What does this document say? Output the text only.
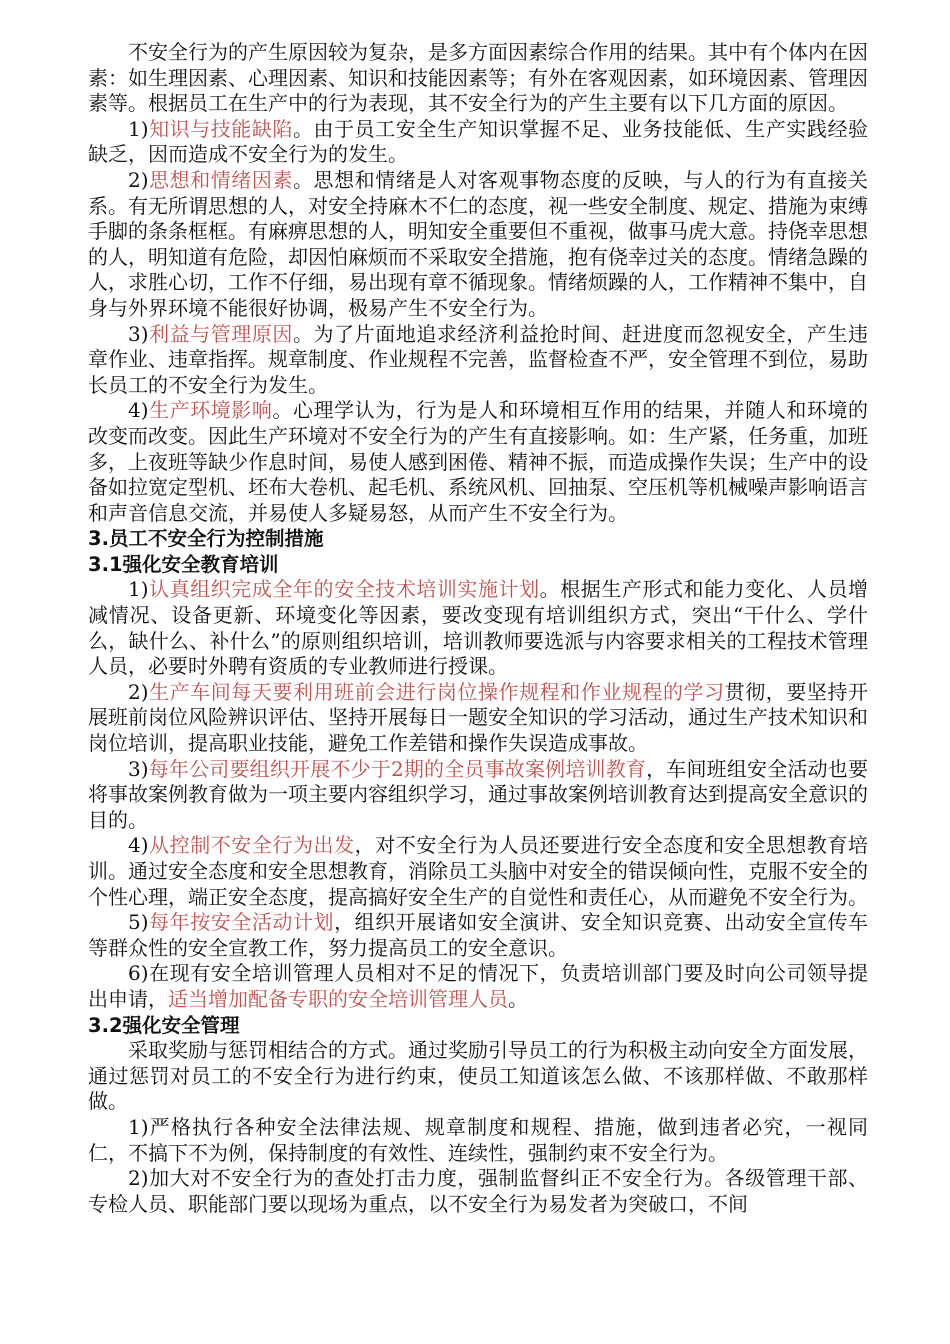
不安全行为的产生原因较为复杂，是多方面因素综合作用的结果。其中有个体内在因素：如生理因素、心理因素、知识和技能因素等；有外在客观因素，如环境因素、管理因素等。根据员工在生产中的行为表现，其不安全行为的产生主要有以下几方面的原因。

1)知识与技能缺陷。由于员工安全生产知识掌握不足、业务技能低、生产实践经验缺乏，因而造成不安全行为的发生。

2)思想和情绪因素。思想和情绪是人对客观事物态度的反映，与人的行为有直接关系。有无所谓思想的人，对安全持麻木不仁的态度，视一些安全制度、规定、措施为束缚手脚的条条框框。有麻痹思想的人，明知安全重要但不重视，做事马虎大意。持侥幸思想的人，明知道有危险，却因怕麻烦而不采取安全措施，抱有侥幸过关的态度。情绪急躁的人，求胜心切，工作不仔细，易出现有章不循现象。情绪烦躁的人，工作精神不集中，自身与外界环境不能很好协调，极易产生不安全行为。

3)利益与管理原因。为了片面地追求经济利益抢时间、赶进度而忽视安全，产生违章作业、违章指挥。规章制度、作业规程不完善，监督检查不严，安全管理不到位，易助长员工的不安全行为发生。

4)生产环境影响。心理学认为，行为是人和环境相互作用的结果，并随人和环境的改变而改变。因此生产环境对不安全行为的产生有直接影响。如：生产紧，任务重，加班多，上夜班等缺少作息时间，易使人感到困倦、精神不振，而造成操作失误；生产中的设备如拉宽定型机、坯布大卷机、起毛机、系统风机、回抽泵、空压机等机械噪声影响语言和声音信息交流，并易使人多疑易怒，从而产生不安全行为。

3.员工不安全行为控制措施

3.1强化安全教育培训

1)认真组织完成全年的安全技术培训实施计划。根据生产形式和能力变化、人员增减情况、设备更新、环境变化等因素，要改变现有培训组织方式，突出“干什么、学什么，缺什么、补什么”的原则组织培训，培训教师要选派与内容要求相关的工程技术管理人员，必要时外聘有资质的专业教师进行授课。

2)生产车间每天要利用班前会进行岗位操作规程和作业规程的学习贯彻，要坚持开展班前岗位风险辨识评估、坚持开展每日一题安全知识的学习活动，通过生产技术知识和岗位培训，提高职业技能，避免工作差错和操作失误造成事故。

3)每年公司要组织开展不少于2期的全员事故案例培训教育，车间班组安全活动也要将事故案例教育做为一项主要内容组织学习，通过事故案例培训教育达到提高安全意识的目的。

4)从控制不安全行为出发，对不安全行为人员还要进行安全态度和安全思想教育培训。通过安全态度和安全思想教育，消除员工头脑中对安全的错误倾向性，克服不安全的个性心理，端正安全态度，提高搞好安全生产的自觉性和责任心，从而避免不安全行为。

5)每年按安全活动计划，组织开展诸如安全演讲、安全知识竞赛、出动安全宣传车等群众性的安全宣教工作，努力提高员工的安全意识。

6)在现有安全培训管理人员相对不足的情况下，负责培训部门要及时向公司领导提出申请，适当增加配备专职的安全培训管理人员。

3.2强化安全管理

采取奖励与惩罚相结合的方式。通过奖励引导员工的行为积极主动向安全方面发展，通过惩罚对员工的不安全行为进行约束，使员工知道该怎么做、不该那样做、不敢那样做。

1)严格执行各种安全法律法规、规章制度和规程、措施，做到违者必究，一视同仁，不搞下不为例，保持制度的有效性、连续性，强制约束不安全行为。

2)加大对不安全行为的查处打击力度，强制监督纠正不安全行为。各级管理干部、专检人员、职能部门要以现场为重点，以不安全行为易发者为突破口，不间
